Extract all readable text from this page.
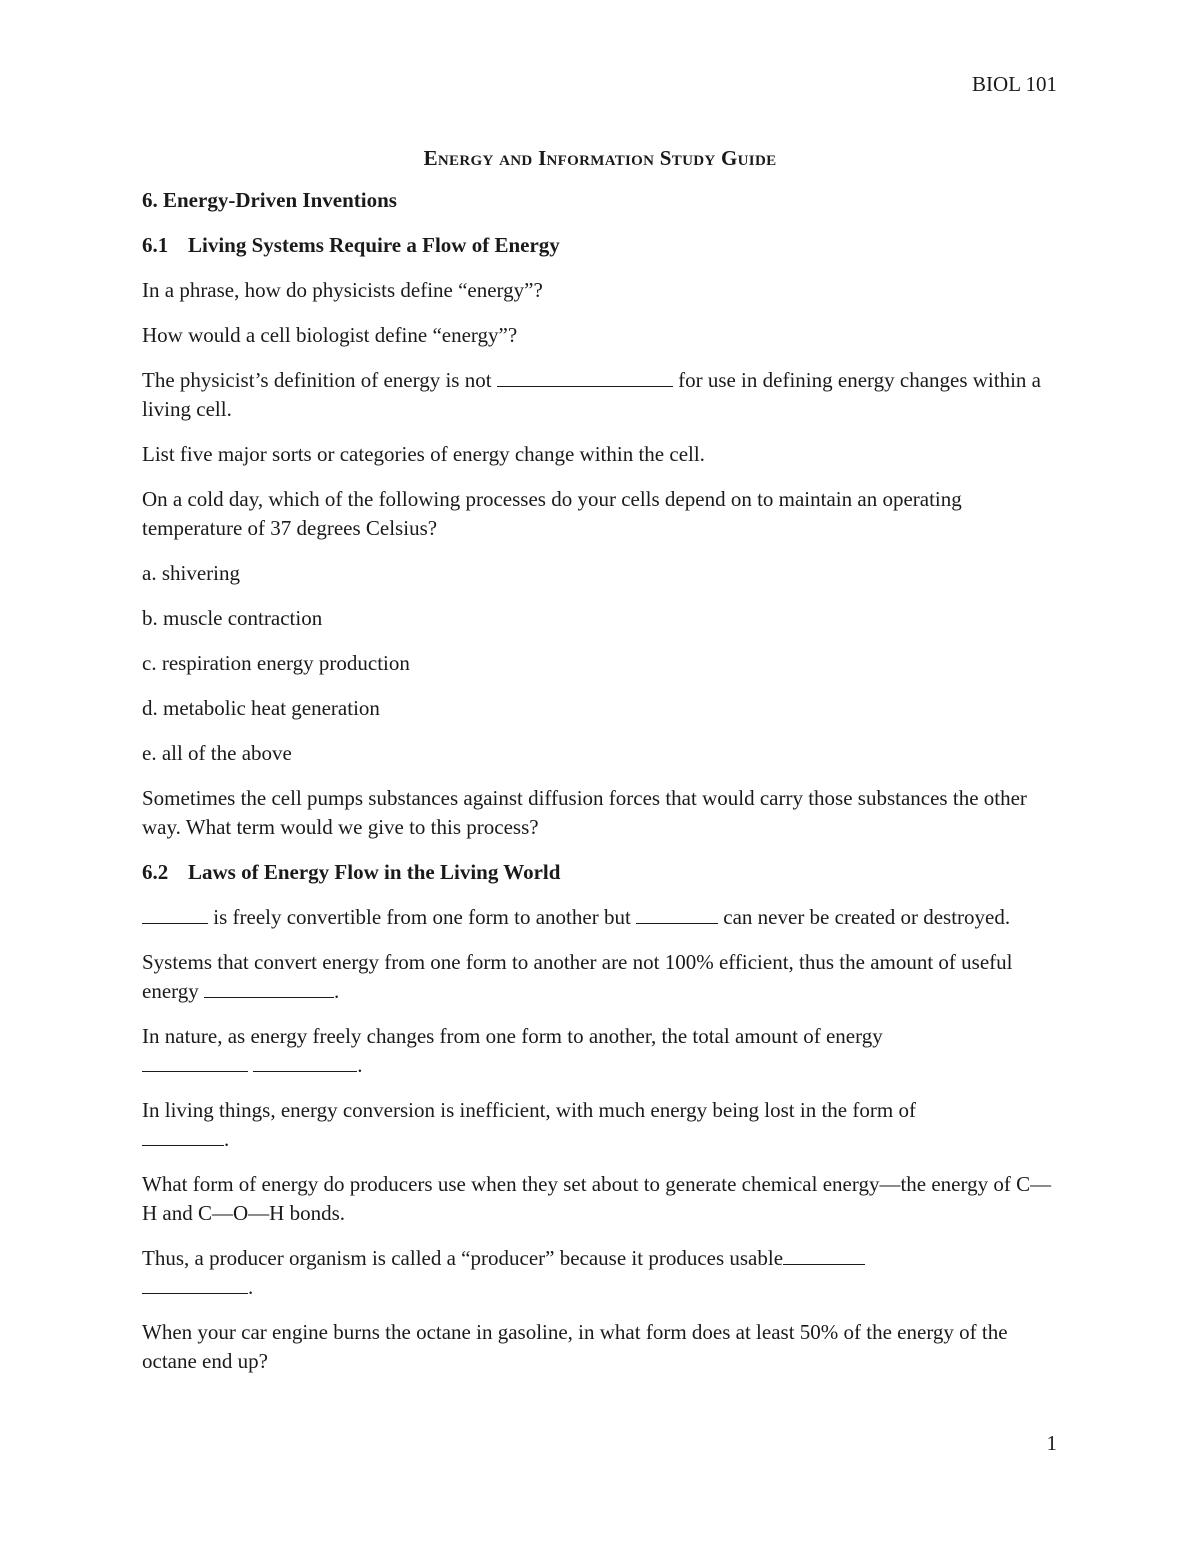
BIOL 101
Energy and Information Study Guide
6. Energy-Driven Inventions
6.1 Living Systems Require a Flow of Energy

In a phrase, how do physicists define “energy”?

How would a cell biologist define “energy”?

The physicist’s definition of energy is not	for use in defining energy changes within a living cell.

List five major sorts or categories of energy change within the cell.

On a cold day, which of the following processes do your cells depend on to maintain an operating temperature of 37 degrees Celsius?

a. shivering

b. muscle contraction

c. respiration energy production

d. metabolic heat generation

e. all of the above

Sometimes the cell pumps substances against diffusion forces that would carry those substances the other way. What term would we give to this process?

6.2 Laws of Energy Flow in the Living World

is freely convertible from one form to another but	can never be created or destroyed.

Systems that convert energy from one form to another are not 100% efficient, thus the amount of useful energy	.

In nature, as energy freely changes from one form to another, the total amount of energy
.

In living things, energy conversion is inefficient, with much energy being lost in the form of
.

What form of energy do producers use when they set about to generate chemical energy—the energy of C—H and C—O—H bonds.

Thus, a producer organism is called a “producer” because it produces usable
.

When your car engine burns the octane in gasoline, in what form does at least 50% of the energy of the octane end up?

1
